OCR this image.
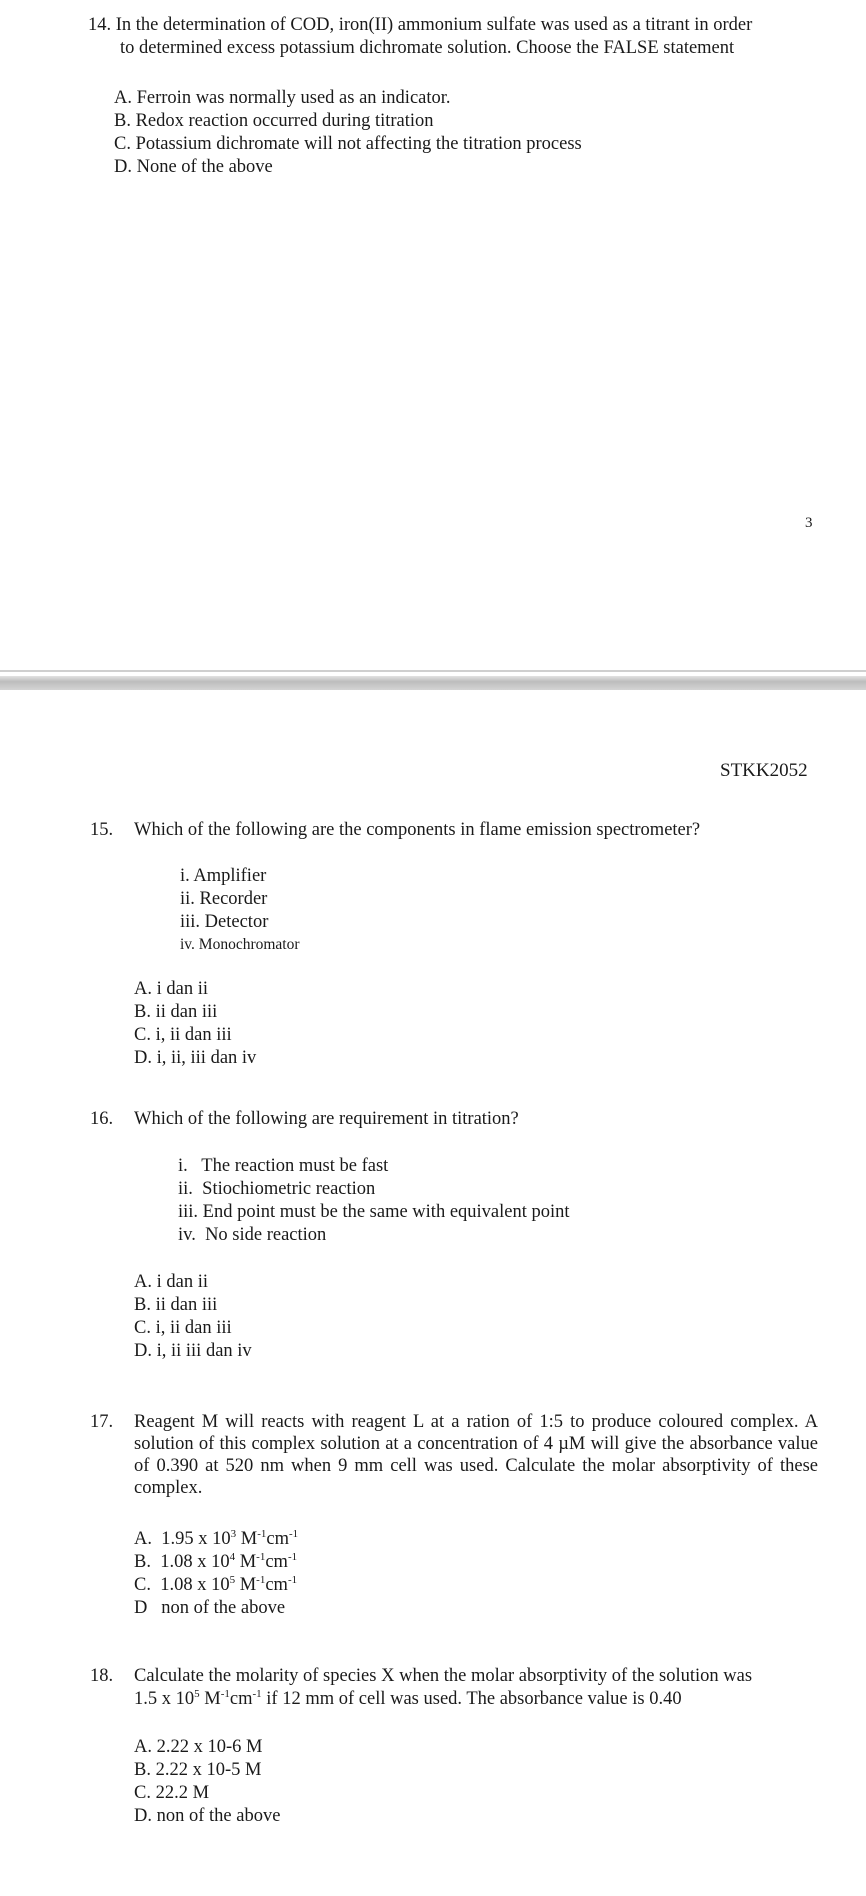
14. In the determination of COD, iron(II) ammonium sulfate was used as a titrant in order
to determined excess potassium dichromate solution. Choose the FALSE statement
A. Ferroin was normally used as an indicator.
B. Redox reaction occurred during titration
C. Potassium dichromate will not affecting the titration process
D. None of the above
3
STKK2052
15. Which of the following are the components in flame emission spectrometer?
i. Amplifier
ii. Recorder
iii. Detector
iv. Monochromator
A. i dan ii
B. ii dan iii
C. i, ii dan iii
D. i, ii, iii dan iv
16. Which of the following are requirement in titration?
i.   The reaction must be fast
ii.  Stiochiometric reaction
iii. End point must be the same with equivalent point
iv.  No side reaction
A. i dan ii
B. ii dan iii
C. i, ii dan iii
D. i, ii iii dan iv
17. Reagent M will reacts with reagent L at a ration of 1:5 to produce coloured complex. A solution of this complex solution at a concentration of 4 µM will give the absorbance value of 0.390 at 520 nm when 9 mm cell was used. Calculate the molar absorptivity of these complex.
A. 1.95 x $10^3$ $M^{-1}cm^{-1}$
B. 1.08 x $10^4$ $M^{-1}cm^{-1}$
C. 1.08 x $10^5$ $M^{-1}cm^{-1}$
D   non of the above
18. Calculate the molarity of species X when the molar absorptivity of the solution was
1.5 x $10^5$ $M^{-1}cm^{-1}$ if 12 mm of cell was used. The absorbance value is 0.40
A. 2.22 x 10-6 M
B. 2.22 x 10-5 M
C. 22.2 M
D. non of the above
